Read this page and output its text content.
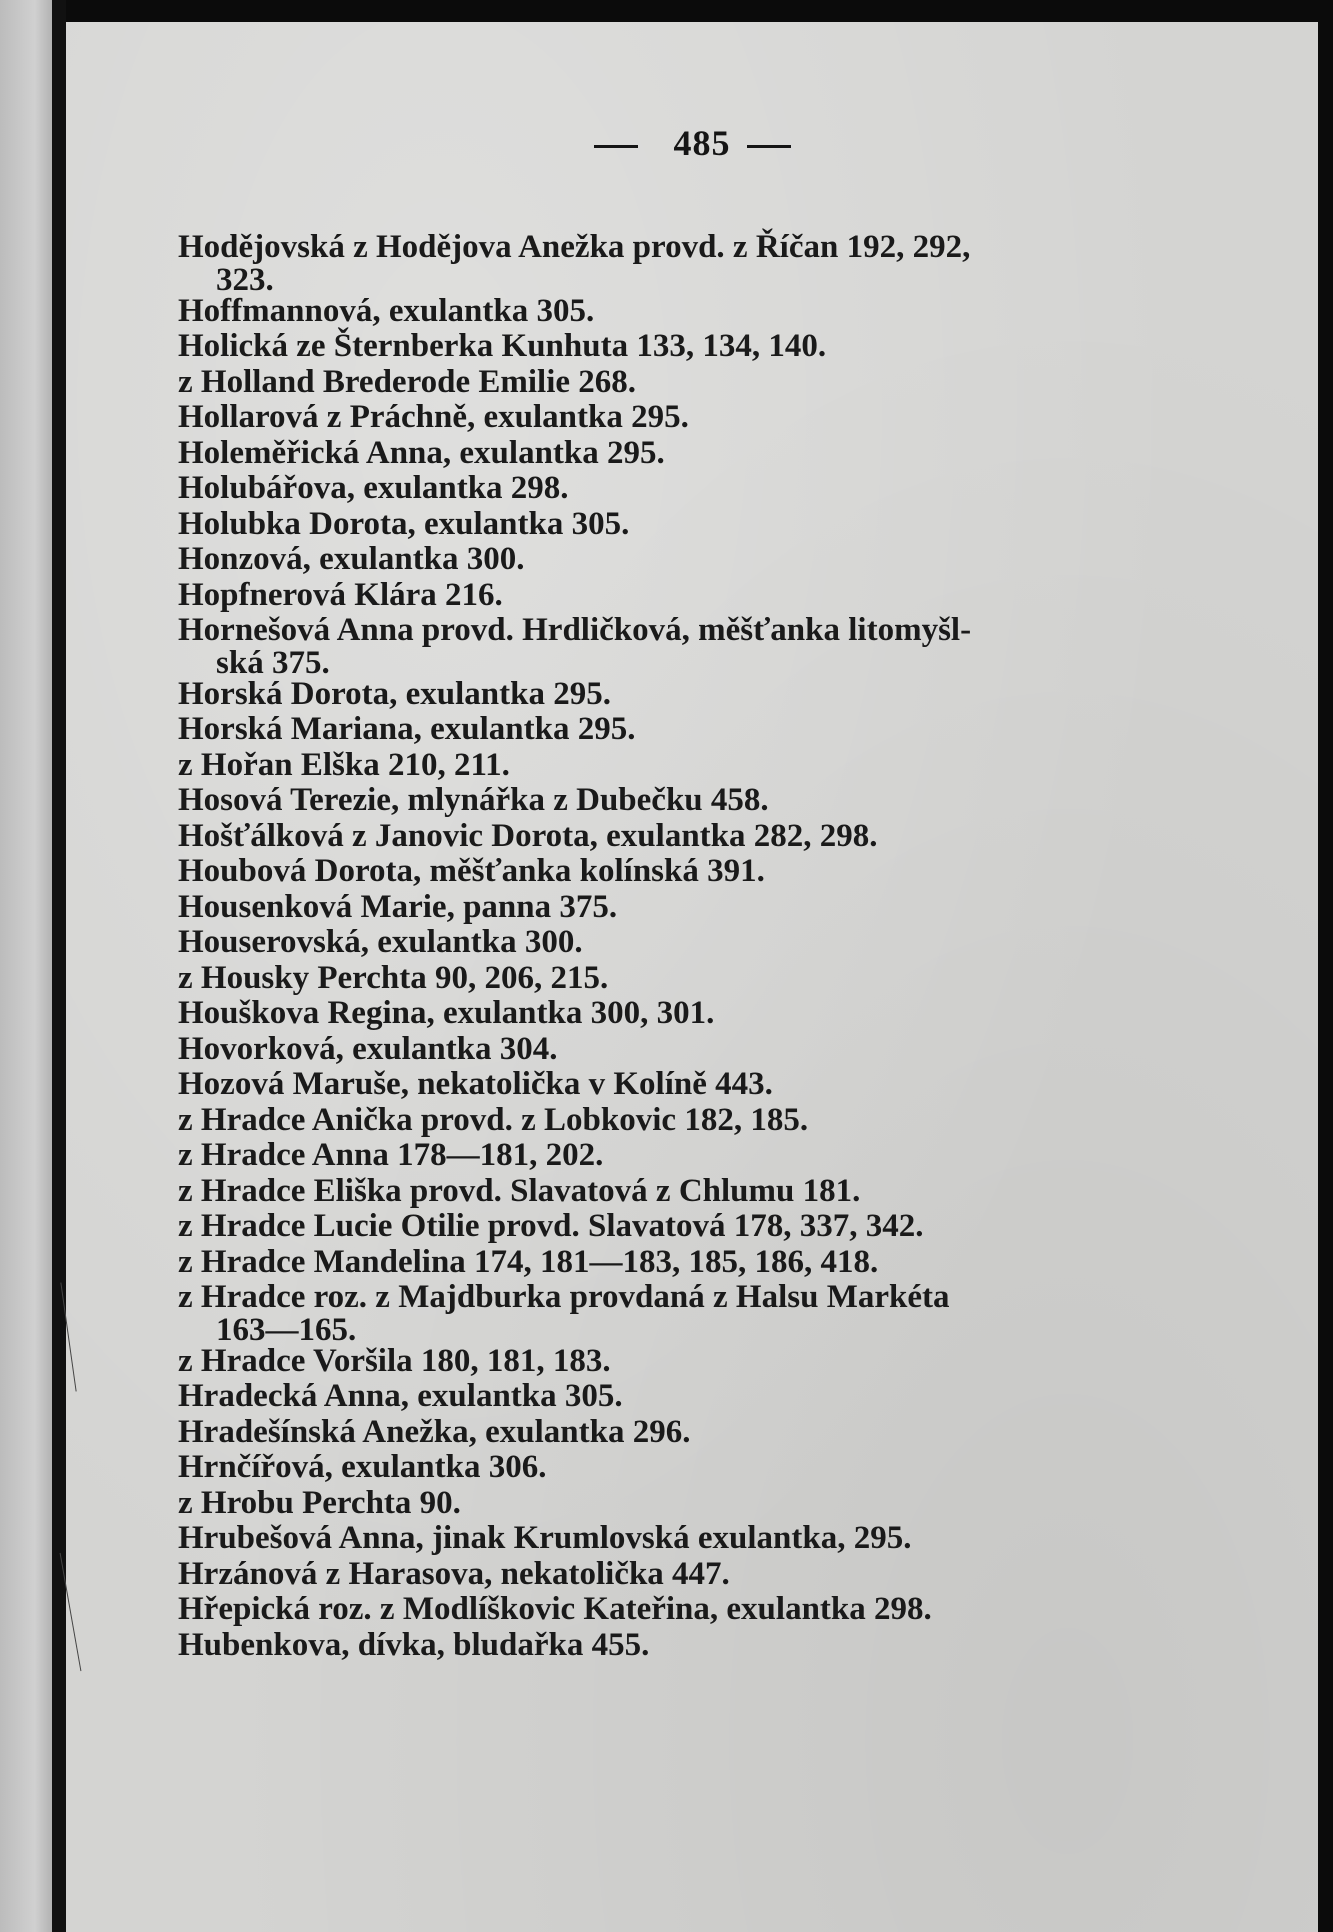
485
Hodějovská z Hodějova Anežka provd. z Říčan 192, 292,
323.
Hoffmannová, exulantka 305.
Holická ze Šternberka Kunhuta 133, 134, 140.
z Holland Brederode Emilie 268.
Hollarová z Práchně, exulantka 295.
Holeměřická Anna, exulantka 295.
Holubářova, exulantka 298.
Holubka Dorota, exulantka 305.
Honzová, exulantka 300.
Hopfnerová Klára 216.
Hornešová Anna provd. Hrdličková, měšťanka litomyšl-
ská 375.
Horská Dorota, exulantka 295.
Horská Mariana, exulantka 295.
z Hořan Elška 210, 211.
Hosová Terezie, mlynářka z Dubečku 458.
Hošťálková z Janovic Dorota, exulantka 282, 298.
Houbová Dorota, měšťanka kolínská 391.
Housenková Marie, panna 375.
Houserovská, exulantka 300.
z Housky Perchta 90, 206, 215.
Houškova Regina, exulantka 300, 301.
Hovorková, exulantka 304.
Hozová Maruše, nekatolička v Kolíně 443.
z Hradce Anička provd. z Lobkovic 182, 185.
z Hradce Anna 178—181, 202.
z Hradce Eliška provd. Slavatová z Chlumu 181.
z Hradce Lucie Otilie provd. Slavatová 178, 337, 342.
z Hradce Mandelina 174, 181—183, 185, 186, 418.
z Hradce roz. z Majdburka provdaná z Halsu Markéta
163—165.
z Hradce Voršila 180, 181, 183.
Hradecká Anna, exulantka 305.
Hradešínská Anežka, exulantka 296.
Hrnčířová, exulantka 306.
z Hrobu Perchta 90.
Hrubešová Anna, jinak Krumlovská exulantka, 295.
Hrzánová z Harasova, nekatolička 447.
Hřepická roz. z Modlíškovic Kateřina, exulantka 298.
Hubenkova, dívka, bludařka 455.
